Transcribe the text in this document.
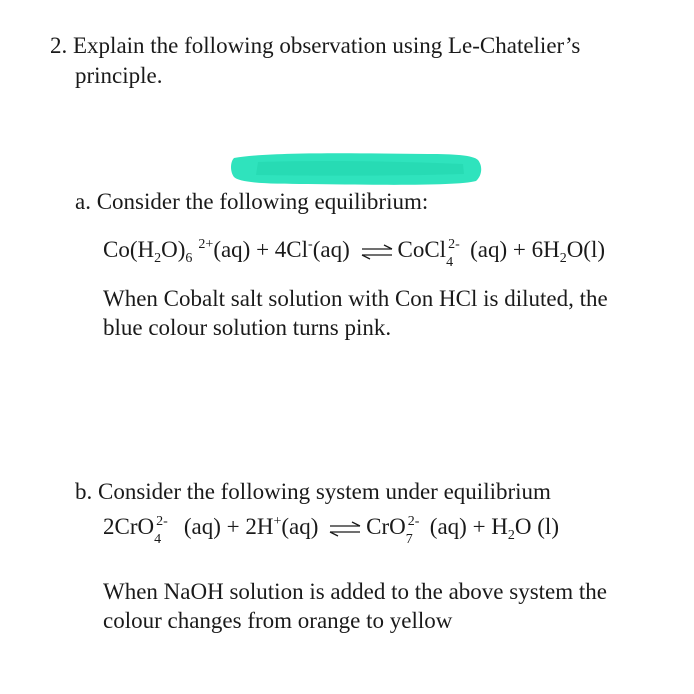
2. Explain the following observation using Le-Chatelier’s
principle.
a. Consider the following equilibrium:
$Co(H_2O)_6^{2+}(aq) + 4Cl^-(aq)$ ⇌ CoCl 2-
4
$(aq) + 6H_2O(l)$
When Cobalt salt solution with Con HCl is diluted, the
blue colour solution turns pink.
b. Consider the following system under equilibrium
2CrO 2-
4
(aq) + 2H+(aq) ⇌ CrO 2-
7
$(aq) + H_2O$ (l)
When NaOH solution is added to the above system the
colour changes from orange to yellow
